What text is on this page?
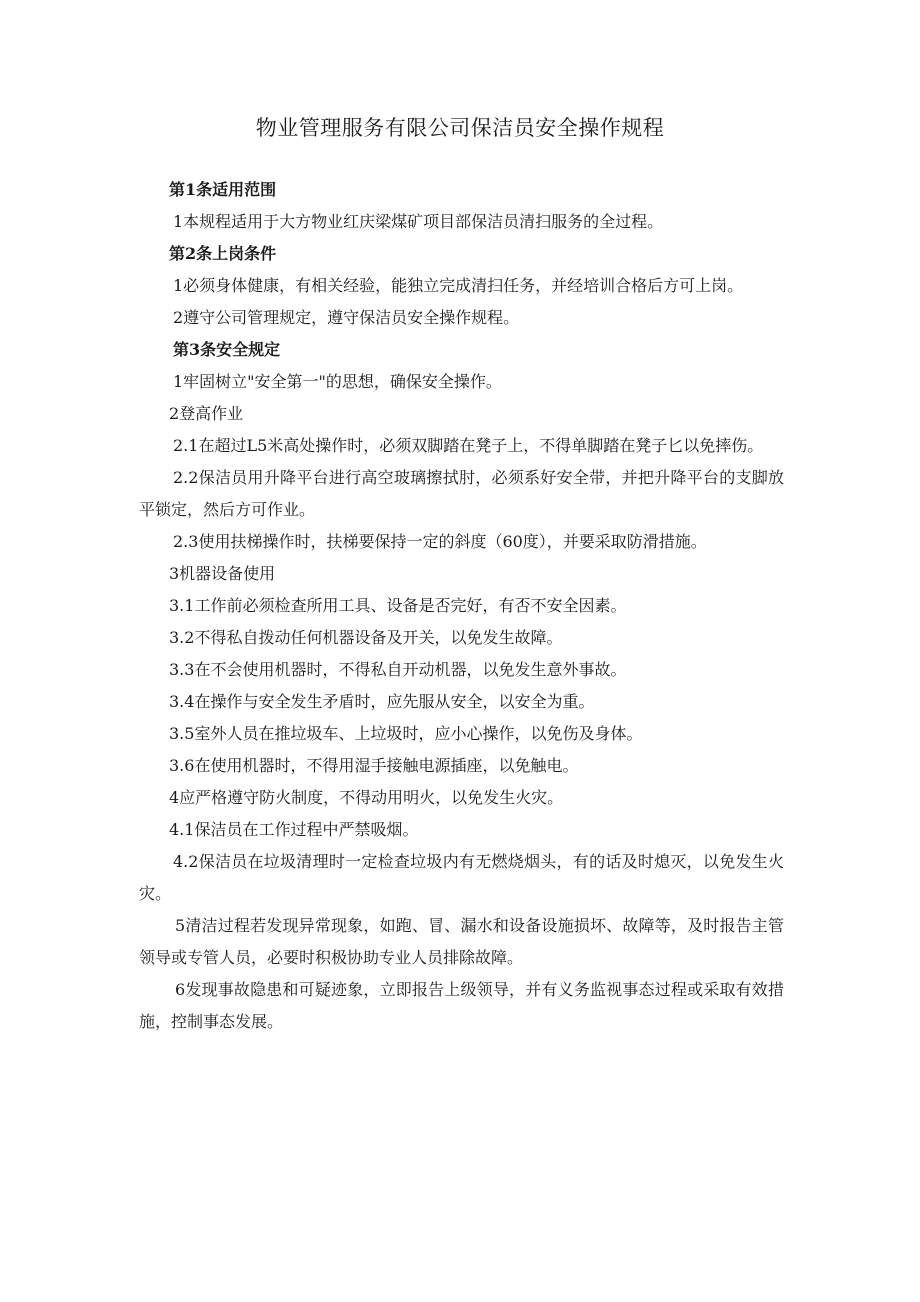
物业管理服务有限公司保洁员安全操作规程

第1条适用范围

1本规程适用于大方物业红庆梁煤矿项目部保洁员清扫服务的全过程。

第2条上岗条件

1必须身体健康，有相关经验，能独立完成清扫任务，并经培训合格后方可上岗。

2遵守公司管理规定，遵守保洁员安全操作规程。

第3条安全规定

1牢固树立"安全第一"的思想，确保安全操作。

2登高作业

2.1在超过L5米高处操作时，必须双脚踏在凳子上，不得单脚踏在凳子匕以免摔伤。

2.2保洁员用升降平台进行高空玻璃擦拭肘，必须系好安全带，并把升降平台的支脚放平锁定，然后方可作业。

2.3使用扶梯操作时，扶梯要保持一定的斜度（60度），并要采取防滑措施。

3机器设备使用

3.1工作前必须检查所用工具、设备是否完好，有否不安全因素。

3.2不得私自拨动任何机器设备及开关，以免发生故障。

3.3在不会使用机器时，不得私自开动机器，以免发生意外事故。

3.4在操作与安全发生矛盾时，应先服从安全，以安全为重。

3.5室外人员在推垃圾车、上垃圾时，应小心操作，以免伤及身体。

3.6在使用机器时，不得用湿手接触电源插座，以免触电。

4应严格遵守防火制度，不得动用明火，以免发生火灾。

4.1保洁员在工作过程中严禁吸烟。

4.2保洁员在垃圾清理时一定检查垃圾内有无燃烧烟头，有的话及时熄灭，以免发生火灾。

5清洁过程若发现异常现象，如跑、冒、漏水和设备设施损坏、故障等，及时报告主管领导或专管人员，必要时积极协助专业人员排除故障。

6发现事故隐患和可疑迹象，立即报告上级领导，并有义务监视事态过程或采取有效措施，控制事态发展。
